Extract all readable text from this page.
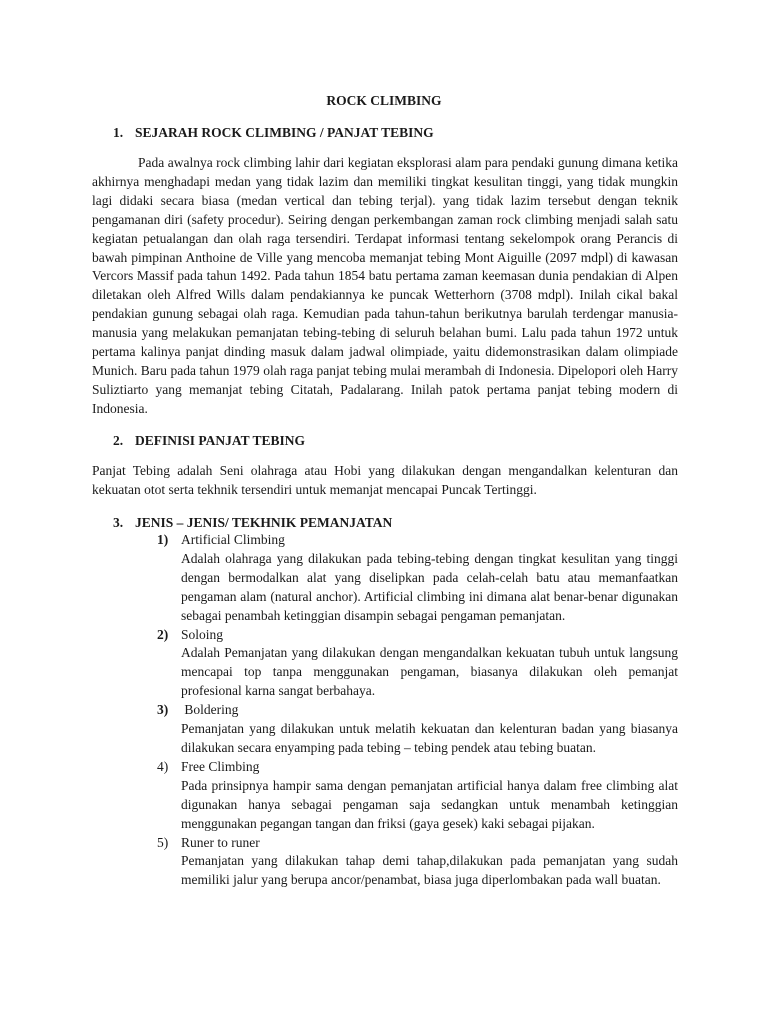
ROCK CLIMBING
1. SEJARAH ROCK CLIMBING / PANJAT TEBING
Pada awalnya rock climbing lahir dari kegiatan eksplorasi alam para pendaki gunung dimana ketika akhirnya menghadapi medan yang tidak lazim dan memiliki tingkat kesulitan tinggi, yang tidak mungkin lagi didaki secara biasa (medan vertical dan tebing terjal). yang tidak lazim tersebut dengan teknik pengamanan diri (safety procedur). Seiring dengan perkembangan zaman rock climbing menjadi salah satu kegiatan petualangan dan olah raga tersendiri. Terdapat informasi tentang sekelompok orang Perancis di bawah pimpinan Anthoine de Ville yang mencoba memanjat tebing Mont Aiguille (2097 mdpl) di kawasan Vercors Massif pada tahun 1492. Pada tahun 1854 batu pertama zaman keemasan dunia pendakian di Alpen diletakan oleh Alfred Wills dalam pendakiannya ke puncak Wetterhorn (3708 mdpl). Inilah cikal bakal pendakian gunung sebagai olah raga. Kemudian pada tahun-tahun berikutnya barulah terdengar manusia-manusia yang melakukan pemanjatan tebing-tebing di seluruh belahan bumi. Lalu pada tahun 1972 untuk pertama kalinya panjat dinding masuk dalam jadwal olimpiade, yaitu didemonstrasikan dalam olimpiade Munich. Baru pada tahun 1979 olah raga panjat tebing mulai merambah di Indonesia. Dipelopori oleh Harry Suliztiarto yang memanjat tebing Citatah, Padalarang. Inilah patok pertama panjat tebing modern di Indonesia.
2. DEFINISI PANJAT TEBING
Panjat Tebing adalah Seni olahraga atau Hobi yang dilakukan dengan mengandalkan kelenturan dan kekuatan otot serta tekhnik tersendiri untuk memanjat mencapai Puncak Tertinggi.
3. JENIS – JENIS/ TEKHNIK PEMANJATAN
1) Artificial Climbing
Adalah olahraga yang dilakukan pada tebing-tebing dengan tingkat kesulitan yang tinggi dengan bermodalkan alat yang diselipkan pada celah-celah batu atau memanfaatkan pengaman alam (natural anchor). Artificial climbing ini dimana alat benar-benar digunakan sebagai penambah ketinggian disampin sebagai pengaman pemanjatan.
2) Soloing
Adalah Pemanjatan yang dilakukan dengan mengandalkan kekuatan tubuh untuk langsung mencapai top tanpa menggunakan pengaman, biasanya dilakukan oleh pemanjat profesional karna sangat berbahaya.
3) Boldering
Pemanjatan yang dilakukan untuk melatih kekuatan dan kelenturan badan yang biasanya dilakukan secara enyamping pada tebing – tebing pendek atau tebing buatan.
4) Free Climbing
Pada prinsipnya hampir sama dengan pemanjatan artificial hanya dalam free climbing alat digunakan hanya sebagai pengaman saja sedangkan untuk menambah ketinggian menggunakan pegangan tangan dan friksi (gaya gesek) kaki sebagai pijakan.
5) Runer to runer
Pemanjatan yang dilakukan tahap demi tahap,dilakukan pada pemanjatan yang sudah memiliki jalur yang berupa ancor/penambat, biasa juga diperlombakan pada wall buatan.
